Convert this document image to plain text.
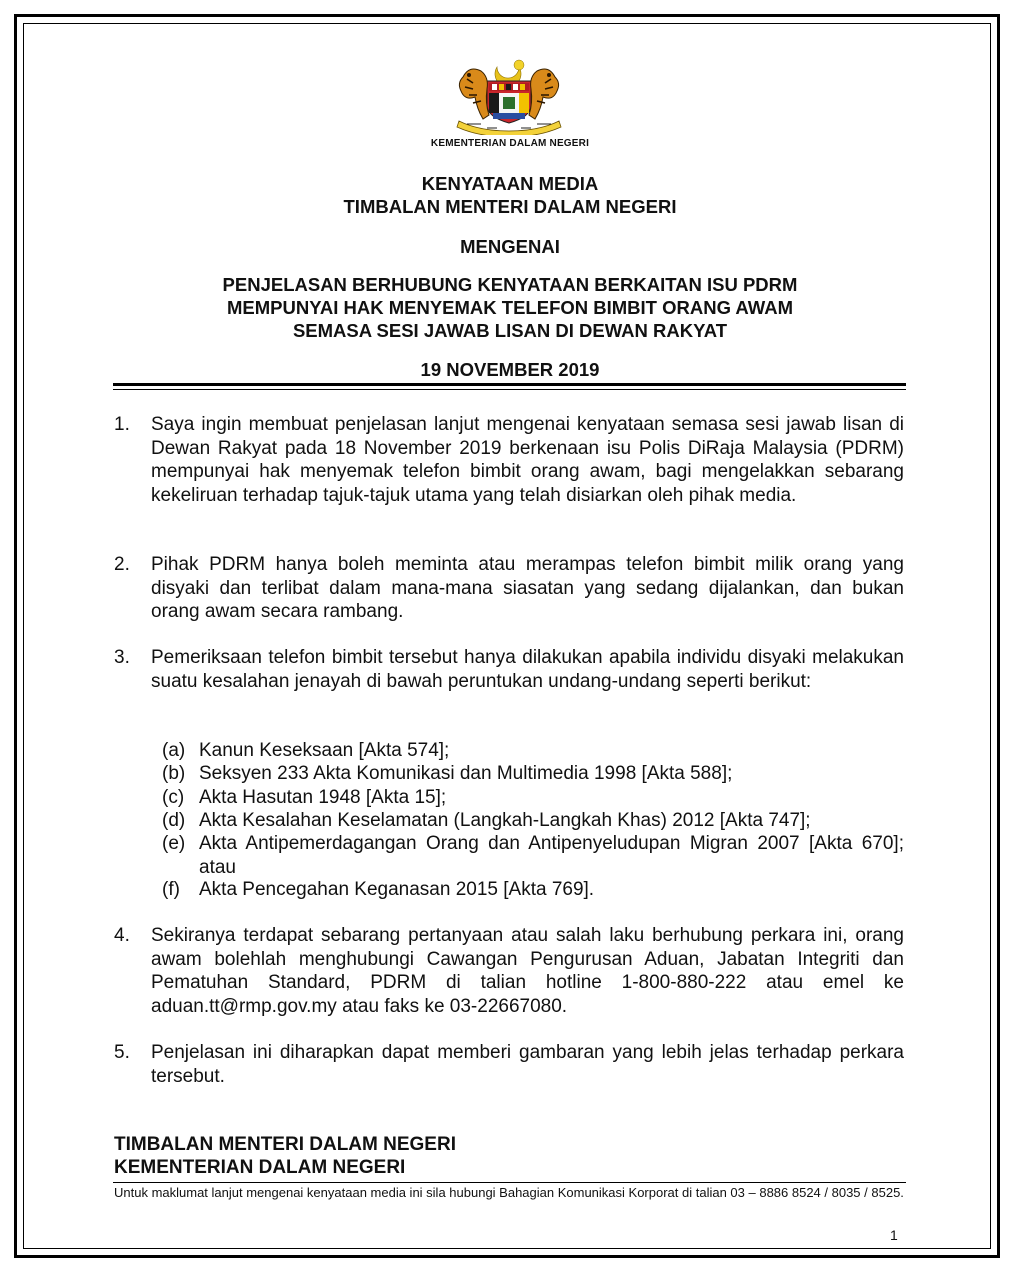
KEMENTERIAN DALAM NEGERI
KENYATAAN MEDIA
TIMBALAN MENTERI DALAM NEGERI
MENGENAI
PENJELASAN BERHUBUNG KENYATAAN BERKAITAN ISU PDRM
MEMPUNYAI HAK MENYEMAK TELEFON BIMBIT ORANG AWAM
SEMASA SESI JAWAB LISAN DI DEWAN RAKYAT
19 NOVEMBER 2019
1. Saya ingin membuat penjelasan lanjut mengenai kenyataan semasa sesi jawab lisan di Dewan Rakyat pada 18 November 2019 berkenaan isu Polis DiRaja Malaysia (PDRM) mempunyai hak menyemak telefon bimbit orang awam, bagi mengelakkan sebarang kekeliruan terhadap tajuk-tajuk utama yang telah disiarkan oleh pihak media.
2. Pihak PDRM hanya boleh meminta atau merampas telefon bimbit milik orang yang disyaki dan terlibat dalam mana-mana siasatan yang sedang dijalankan, dan bukan orang awam secara rambang.
3. Pemeriksaan telefon bimbit tersebut hanya dilakukan apabila individu disyaki melakukan suatu kesalahan jenayah di bawah peruntukan undang-undang seperti berikut:
(a) Kanun Keseksaan [Akta 574];
(b) Seksyen 233 Akta Komunikasi dan Multimedia 1998 [Akta 588];
(c) Akta Hasutan 1948 [Akta 15];
(d) Akta Kesalahan Keselamatan (Langkah-Langkah Khas) 2012 [Akta 747];
(e) Akta Antipemerdagangan Orang dan Antipenyeludupan Migran 2007 [Akta 670]; atau
(f) Akta Pencegahan Keganasan 2015 [Akta 769].
4. Sekiranya terdapat sebarang pertanyaan atau salah laku berhubung perkara ini, orang awam bolehlah menghubungi Cawangan Pengurusan Aduan, Jabatan Integriti dan Pematuhan Standard, PDRM di talian hotline 1-800-880-222 atau emel ke aduan.tt@rmp.gov.my atau faks ke 03-22667080.
5. Penjelasan ini diharapkan dapat memberi gambaran yang lebih jelas terhadap perkara tersebut.
TIMBALAN MENTERI DALAM NEGERI
KEMENTERIAN DALAM NEGERI
Untuk maklumat lanjut mengenai kenyataan media ini sila hubungi Bahagian Komunikasi Korporat di talian 03 – 8886 8524 / 8035 / 8525.
1
